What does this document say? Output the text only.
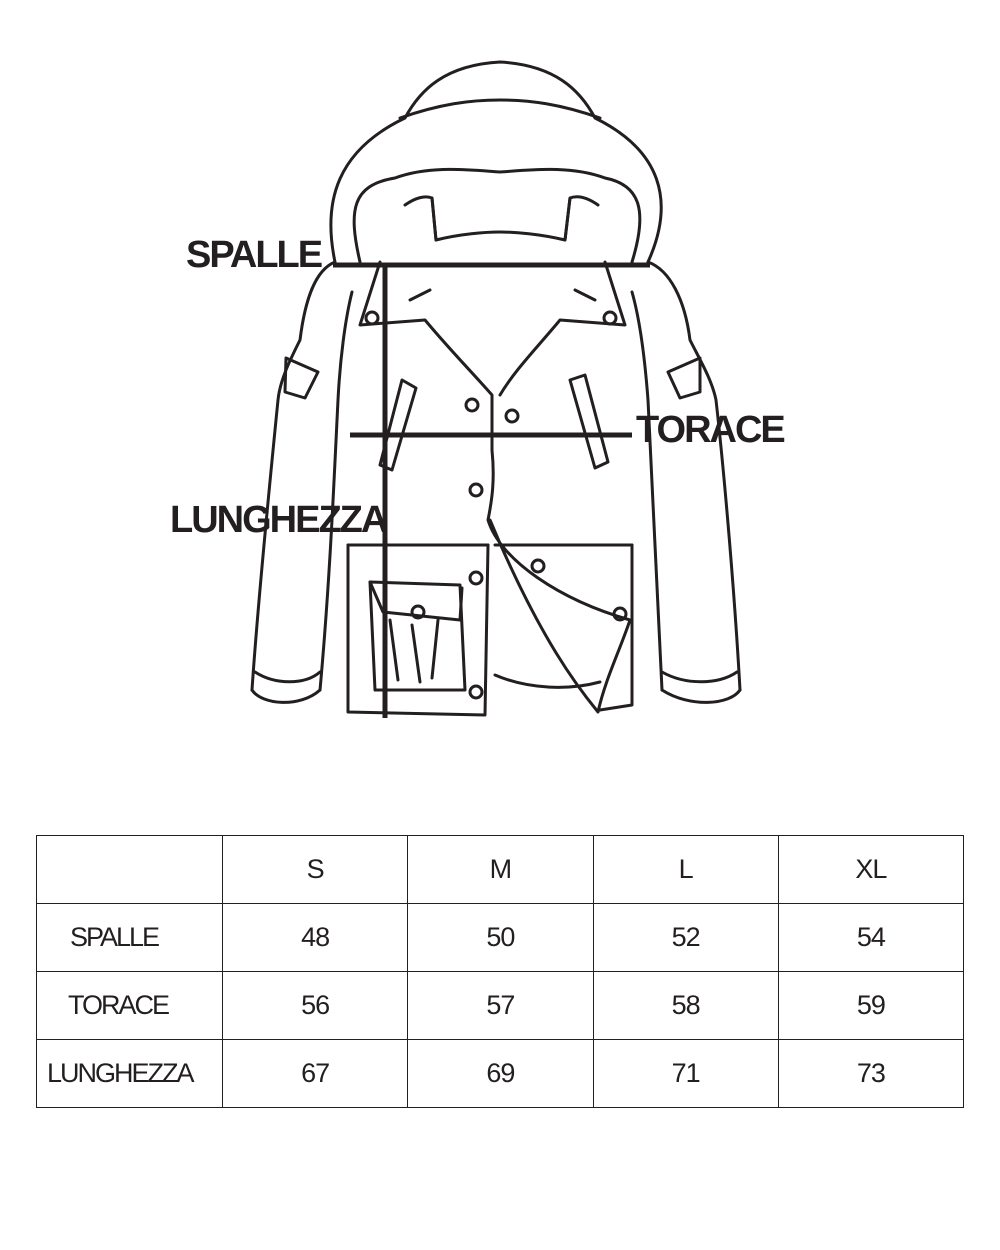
SPALLE
TORACE
LUNGHEZZA
	S	M	L	XL
SPALLE	48	50	52	54
TORACE	56	57	58	59
LUNGHEZZA	67	69	71	73
